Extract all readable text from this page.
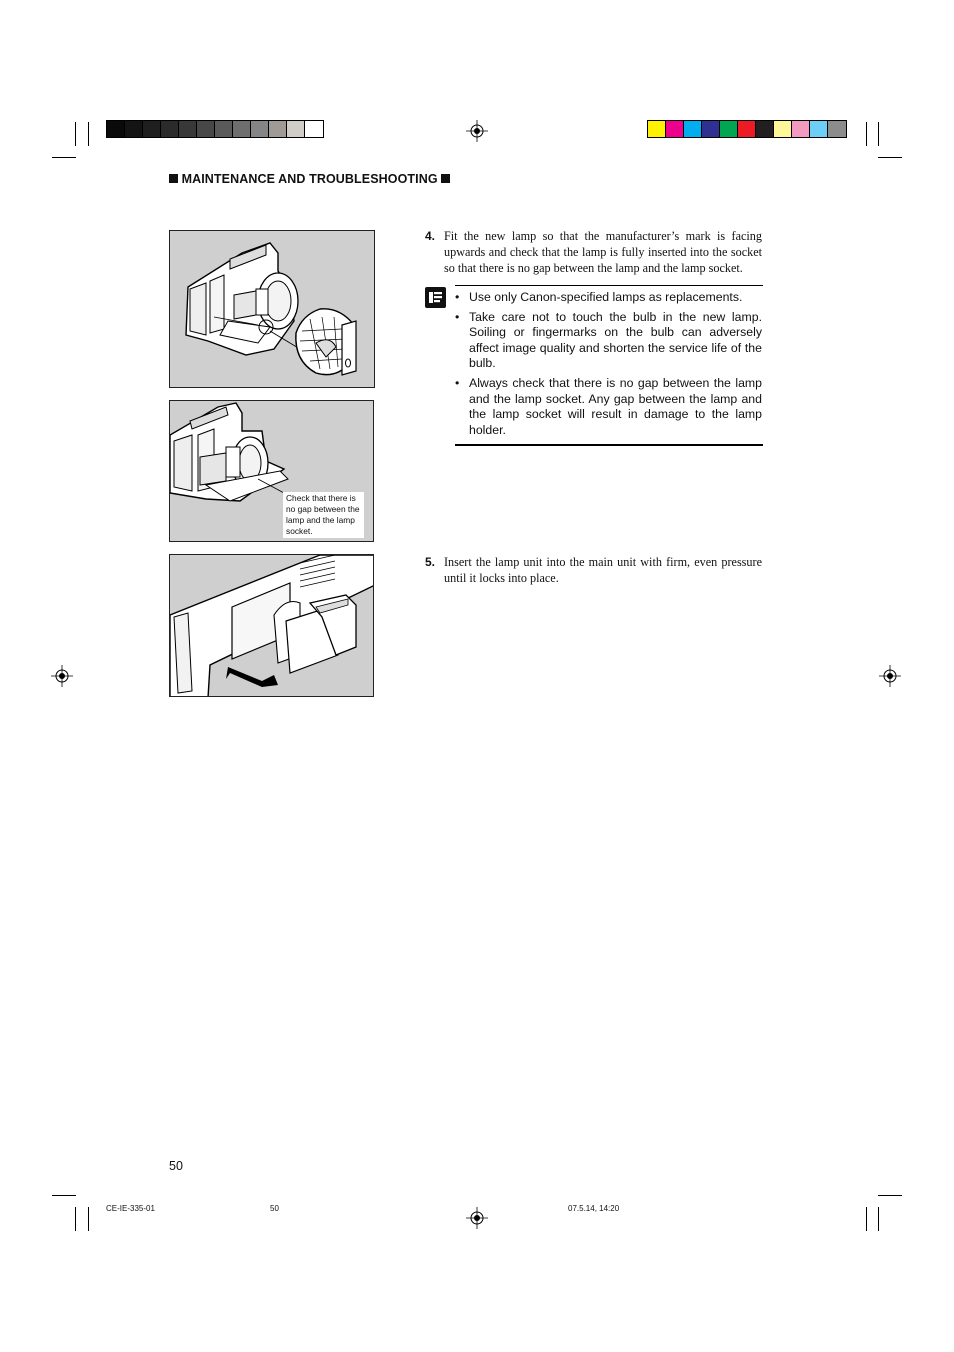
MAINTENANCE AND TROUBLESHOOTING
Check that there is no gap between the lamp and the lamp socket.
4. Fit the new lamp so that the manufacturer’s mark is facing upwards and check that the lamp is fully inserted into the socket so that there is no gap between the lamp and the lamp socket.
• Use only Canon-specified lamps as replacements.
• Take care not to touch the bulb in the new lamp. Soiling or fingermarks on the bulb can adversely affect image quality and shorten the service life of the bulb.
• Always check that there is no gap between the lamp and the lamp socket. Any gap between the lamp and the lamp socket will result in damage to the lamp holder.
5. Insert the lamp unit into the main unit with firm, even pressure until it locks into place.
50
CE-IE-335-01	50	07.5.14, 14:20
